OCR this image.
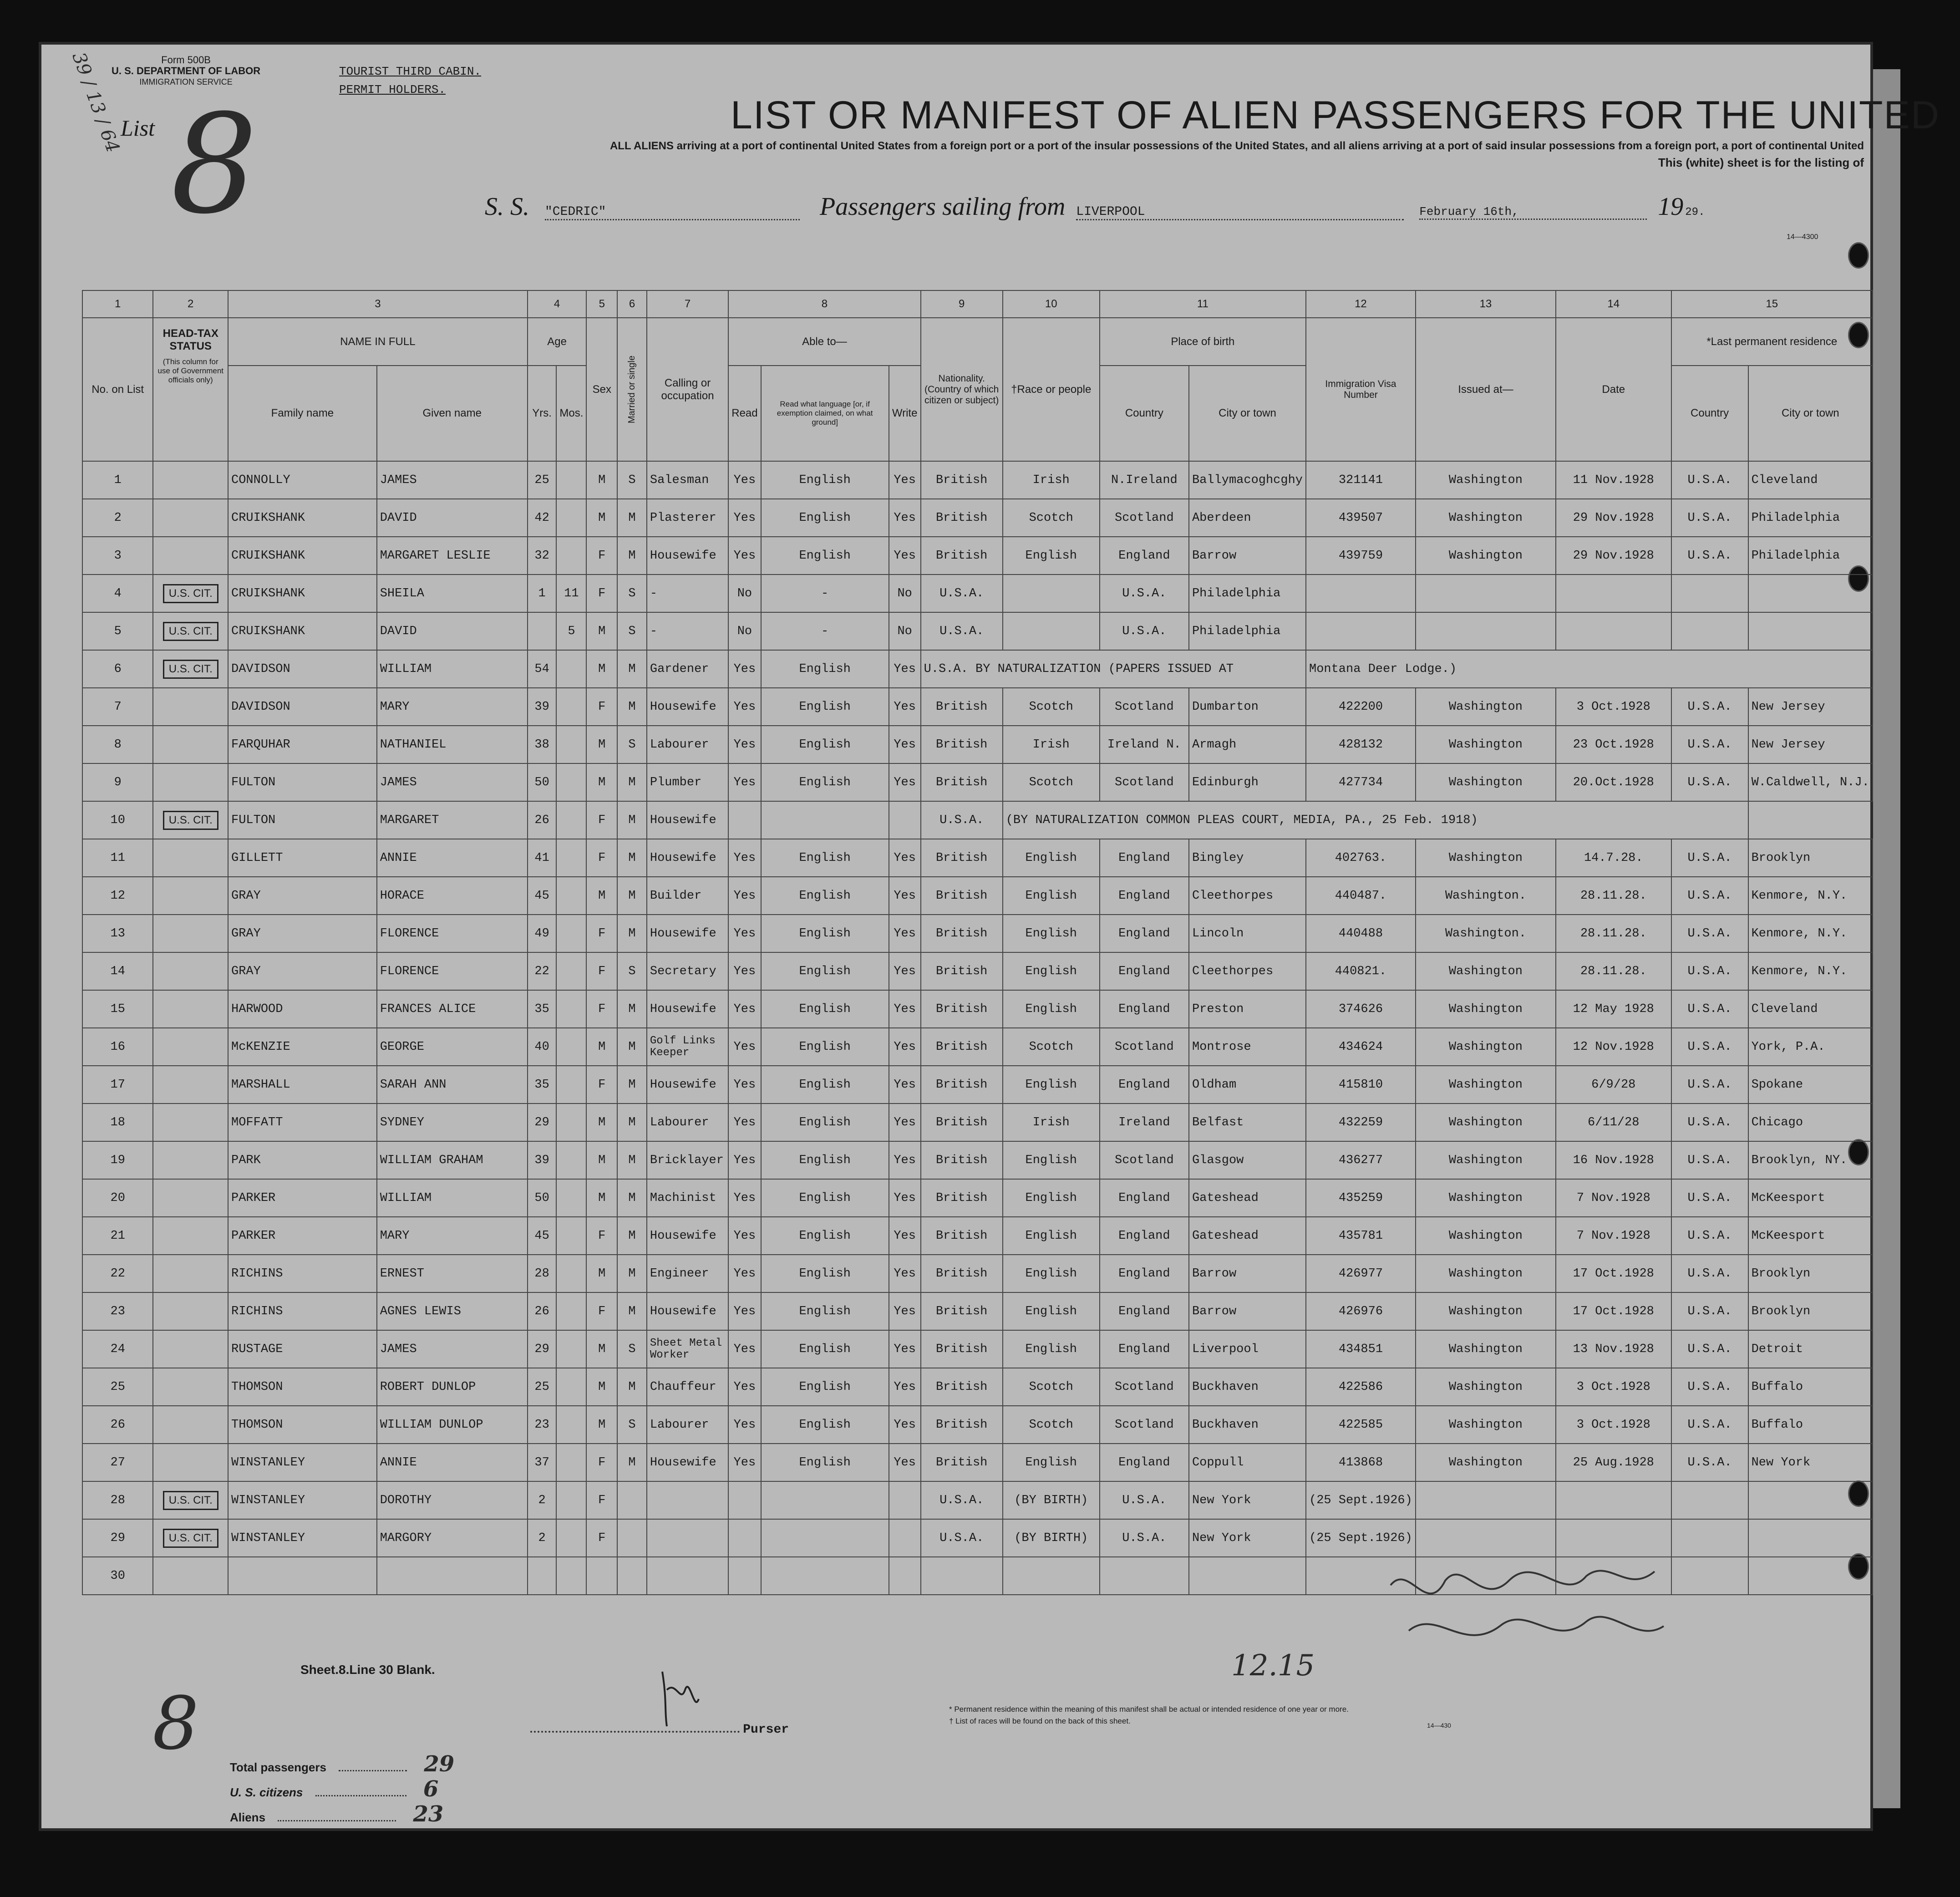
Form 500B
U. S. DEPARTMENT OF LABOR
IMMIGRATION SERVICE
TOURIST THIRD CABIN.
PERMIT HOLDERS.
39 / 13 / 64
List 8	LIST OR MANIFEST OF ALIEN PASSENGERS FOR THE UNITED
ALL ALIENS arriving at a port of continental United States from a foreign port or a port of the insular possessions of the United States, and all aliens arriving at a port of said insular possessions from a foreign port, a port of continental United
This (white) sheet is for the listing of
S. S. "CEDRIC"	Passengers sailing from LIVERPOOL	February 16th,	19 29.
14—4300
1	2	3		4		5	6	7	8			9	10	11		12	13	14	15	
No. on List	HEAD-TAX STATUS
(This column for use of Government officials only)	NAME IN FULL		Age		Sex	Married or single	Calling or occupation	Able to—			Nationality. (Country of which citizen or subject)	†Race or people	Place of birth		Immigration Visa Number	Issued at—	Date	*Last permanent residence	
		Family name	Given name	Yrs.	Mos.				Read	Read what language [or, if exemption claimed, on what ground]	Write			Country	City or town				Country	City or town
1		CONNOLLY	JAMES	25		M	S	Salesman	Yes	English	Yes	British	Irish	N.Ireland	Ballymacoghcghy	321141	Washington	11 Nov.1928	U.S.A.	Cleveland
2		CRUIKSHANK	DAVID	42		M	M	Plasterer	Yes	English	Yes	British	Scotch	Scotland	Aberdeen	439507	Washington	29 Nov.1928	U.S.A.	Philadelphia
3		CRUIKSHANK	MARGARET LESLIE	32		F	M	Housewife	Yes	English	Yes	British	English	England	Barrow	439759	Washington	29 Nov.1928	U.S.A.	Philadelphia
4	U.S. CIT.	CRUIKSHANK	SHEILA	1	11	F	S	-	No	-	No	U.S.A.		U.S.A.	Philadelphia					
5	U.S. CIT.	CRUIKSHANK	DAVID		5	M	S	-	No	-	No	U.S.A.		U.S.A.	Philadelphia					
6	U.S. CIT.	DAVIDSON	WILLIAM	54		M	M	Gardener	Yes	English	Yes	U.S.A. BY NATURALIZATION (PAPERS ISSUED AT				Montana Deer Lodge.)				
7		DAVIDSON	MARY	39		F	M	Housewife	Yes	English	Yes	British	Scotch	Scotland	Dumbarton	422200	Washington	3 Oct.1928	U.S.A.	New Jersey
8		FARQUHAR	NATHANIEL	38		M	S	Labourer	Yes	English	Yes	British	Irish	Ireland N.	Armagh	428132	Washington	23 Oct.1928	U.S.A.	New Jersey
9		FULTON	JAMES	50		M	M	Plumber	Yes	English	Yes	British	Scotch	Scotland	Edinburgh	427734	Washington	20.Oct.1928	U.S.A.	W.Caldwell, N.J.
10	U.S. CIT.	FULTON	MARGARET	26		F	M	Housewife				U.S.A.	(BY NATURALIZATION COMMON PLEAS COURT, MEDIA, PA., 25 Feb. 1918)							
11		GILLETT	ANNIE	41		F	M	Housewife	Yes	English	Yes	British	English	England	Bingley	402763.	Washington	14.7.28.	U.S.A.	Brooklyn
12		GRAY	HORACE	45		M	M	Builder	Yes	English	Yes	British	English	England	Cleethorpes	440487.	Washington.	28.11.28.	U.S.A.	Kenmore, N.Y.
13		GRAY	FLORENCE	49		F	M	Housewife	Yes	English	Yes	British	English	England	Lincoln	440488	Washington.	28.11.28.	U.S.A.	Kenmore, N.Y.
14		GRAY	FLORENCE	22		F	S	Secretary	Yes	English	Yes	British	English	England	Cleethorpes	440821.	Washington	28.11.28.	U.S.A.	Kenmore, N.Y.
15		HARWOOD	FRANCES ALICE	35		F	M	Housewife	Yes	English	Yes	British	English	England	Preston	374626	Washington	12 May 1928	U.S.A.	Cleveland
16		McKENZIE	GEORGE	40		M	M	Golf Links Keeper	Yes	English	Yes	British	Scotch	Scotland	Montrose	434624	Washington	12 Nov.1928	U.S.A.	York, P.A.
17		MARSHALL	SARAH ANN	35		F	M	Housewife	Yes	English	Yes	British	English	England	Oldham	415810	Washington	6/9/28	U.S.A.	Spokane
18		MOFFATT	SYDNEY	29		M	M	Labourer	Yes	English	Yes	British	Irish	Ireland	Belfast	432259	Washington	6/11/28	U.S.A.	Chicago
19		PARK	WILLIAM GRAHAM	39		M	M	Bricklayer	Yes	English	Yes	British	English	Scotland	Glasgow	436277	Washington	16 Nov.1928	U.S.A.	Brooklyn, NY.
20		PARKER	WILLIAM	50		M	M	Machinist	Yes	English	Yes	British	English	England	Gateshead	435259	Washington	7 Nov.1928	U.S.A.	McKeesport
21		PARKER	MARY	45		F	M	Housewife	Yes	English	Yes	British	English	England	Gateshead	435781	Washington	7 Nov.1928	U.S.A.	McKeesport
22		RICHINS	ERNEST	28		M	M	Engineer	Yes	English	Yes	British	English	England	Barrow	426977	Washington	17 Oct.1928	U.S.A.	Brooklyn
23		RICHINS	AGNES LEWIS	26		F	M	Housewife	Yes	English	Yes	British	English	England	Barrow	426976	Washington	17 Oct.1928	U.S.A.	Brooklyn
24		RUSTAGE	JAMES	29		M	S	Sheet Metal Worker	Yes	English	Yes	British	English	England	Liverpool	434851	Washington	13 Nov.1928	U.S.A.	Detroit
25		THOMSON	ROBERT DUNLOP	25		M	M	Chauffeur	Yes	English	Yes	British	Scotch	Scotland	Buckhaven	422586	Washington	3 Oct.1928	U.S.A.	Buffalo
26		THOMSON	WILLIAM DUNLOP	23		M	S	Labourer	Yes	English	Yes	British	Scotch	Scotland	Buckhaven	422585	Washington	3 Oct.1928	U.S.A.	Buffalo
27		WINSTANLEY	ANNIE	37		F	M	Housewife	Yes	English	Yes	British	English	England	Coppull	413868	Washington	25 Aug.1928	U.S.A.	New York
28	U.S. CIT.	WINSTANLEY	DOROTHY	2		F						U.S.A.	(BY BIRTH)	U.S.A.	New York	(25 Sept.1926)				
29	U.S. CIT.	WINSTANLEY	MARGORY	2		F						U.S.A.	(BY BIRTH)	U.S.A.	New York	(25 Sept.1926)				
30																				
12.15
Sheet.8.Line 30 Blank.
8
Total passengers	29
U. S. citizens	6
Aliens	23
Purser
* Permanent residence within the meaning of this manifest shall be actual or intended residence of one year or more.
† List of races will be found on the back of this sheet.	14—430
